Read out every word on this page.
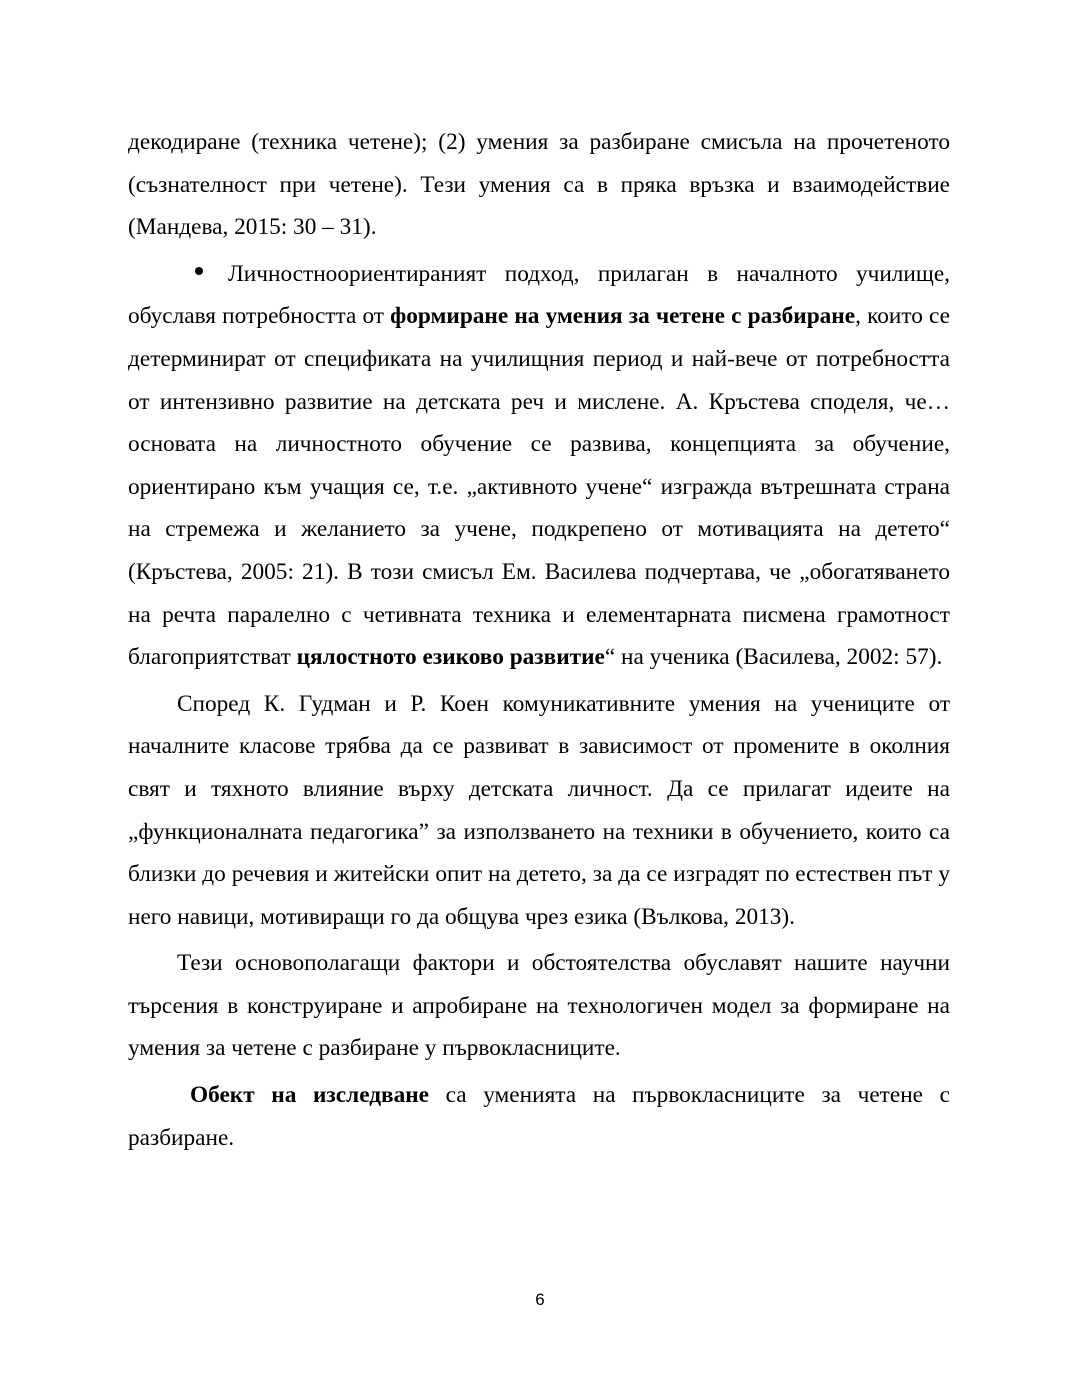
декодиране (техника четене); (2) умения за разбиране смисъла на прочетеното (съзнателност при четене). Тези умения са в пряка връзка и взаимодействие (Мандева, 2015: 30 – 31).

Личностноориентираният подход, прилаган в началното училище, обуславя потребността от формиране на умения за четене с разбиране, които се детерминират от спецификата на училищния период и най-вече от потребността от интензивно развитие на детската реч и мислене. А. Кръстева споделя, че… основата на личностното обучение се развива, концепцията за обучение, ориентирано към учащия се, т.е. „активното учене“ изгражда вътрешната страна на стремежа и желанието за учене, подкрепено от мотивацията на детето“ (Кръстева, 2005: 21). В този смисъл Ем. Василева подчертава, че „обогатяването на речта паралелно с четивната техника и елементарната писмена грамотност благоприятстват цялостното езиково развитие“ на ученика (Василева, 2002: 57).

Според К. Гудман и Р. Коен комуникативните умения на учениците от началните класове трябва да се развиват в зависимост от промените в околния свят и тяхното влияние върху детската личност. Да се прилагат идеите на „функционалната педагогика” за използването на техники в обучението, които са близки до речевия и житейски опит на детето, за да се изградят по естествен път у него навици, мотивиращи го да общува чрез езика (Вълкова, 2013).

Тези основополагащи фактори и обстоятелства обуславят нашите научни търсения в конструиране и апробиране на технологичен модел за формиране на умения за четене с разбиране у първокласниците.

Обект на изследване са уменията на първокласниците за четене с разбиране.

6
